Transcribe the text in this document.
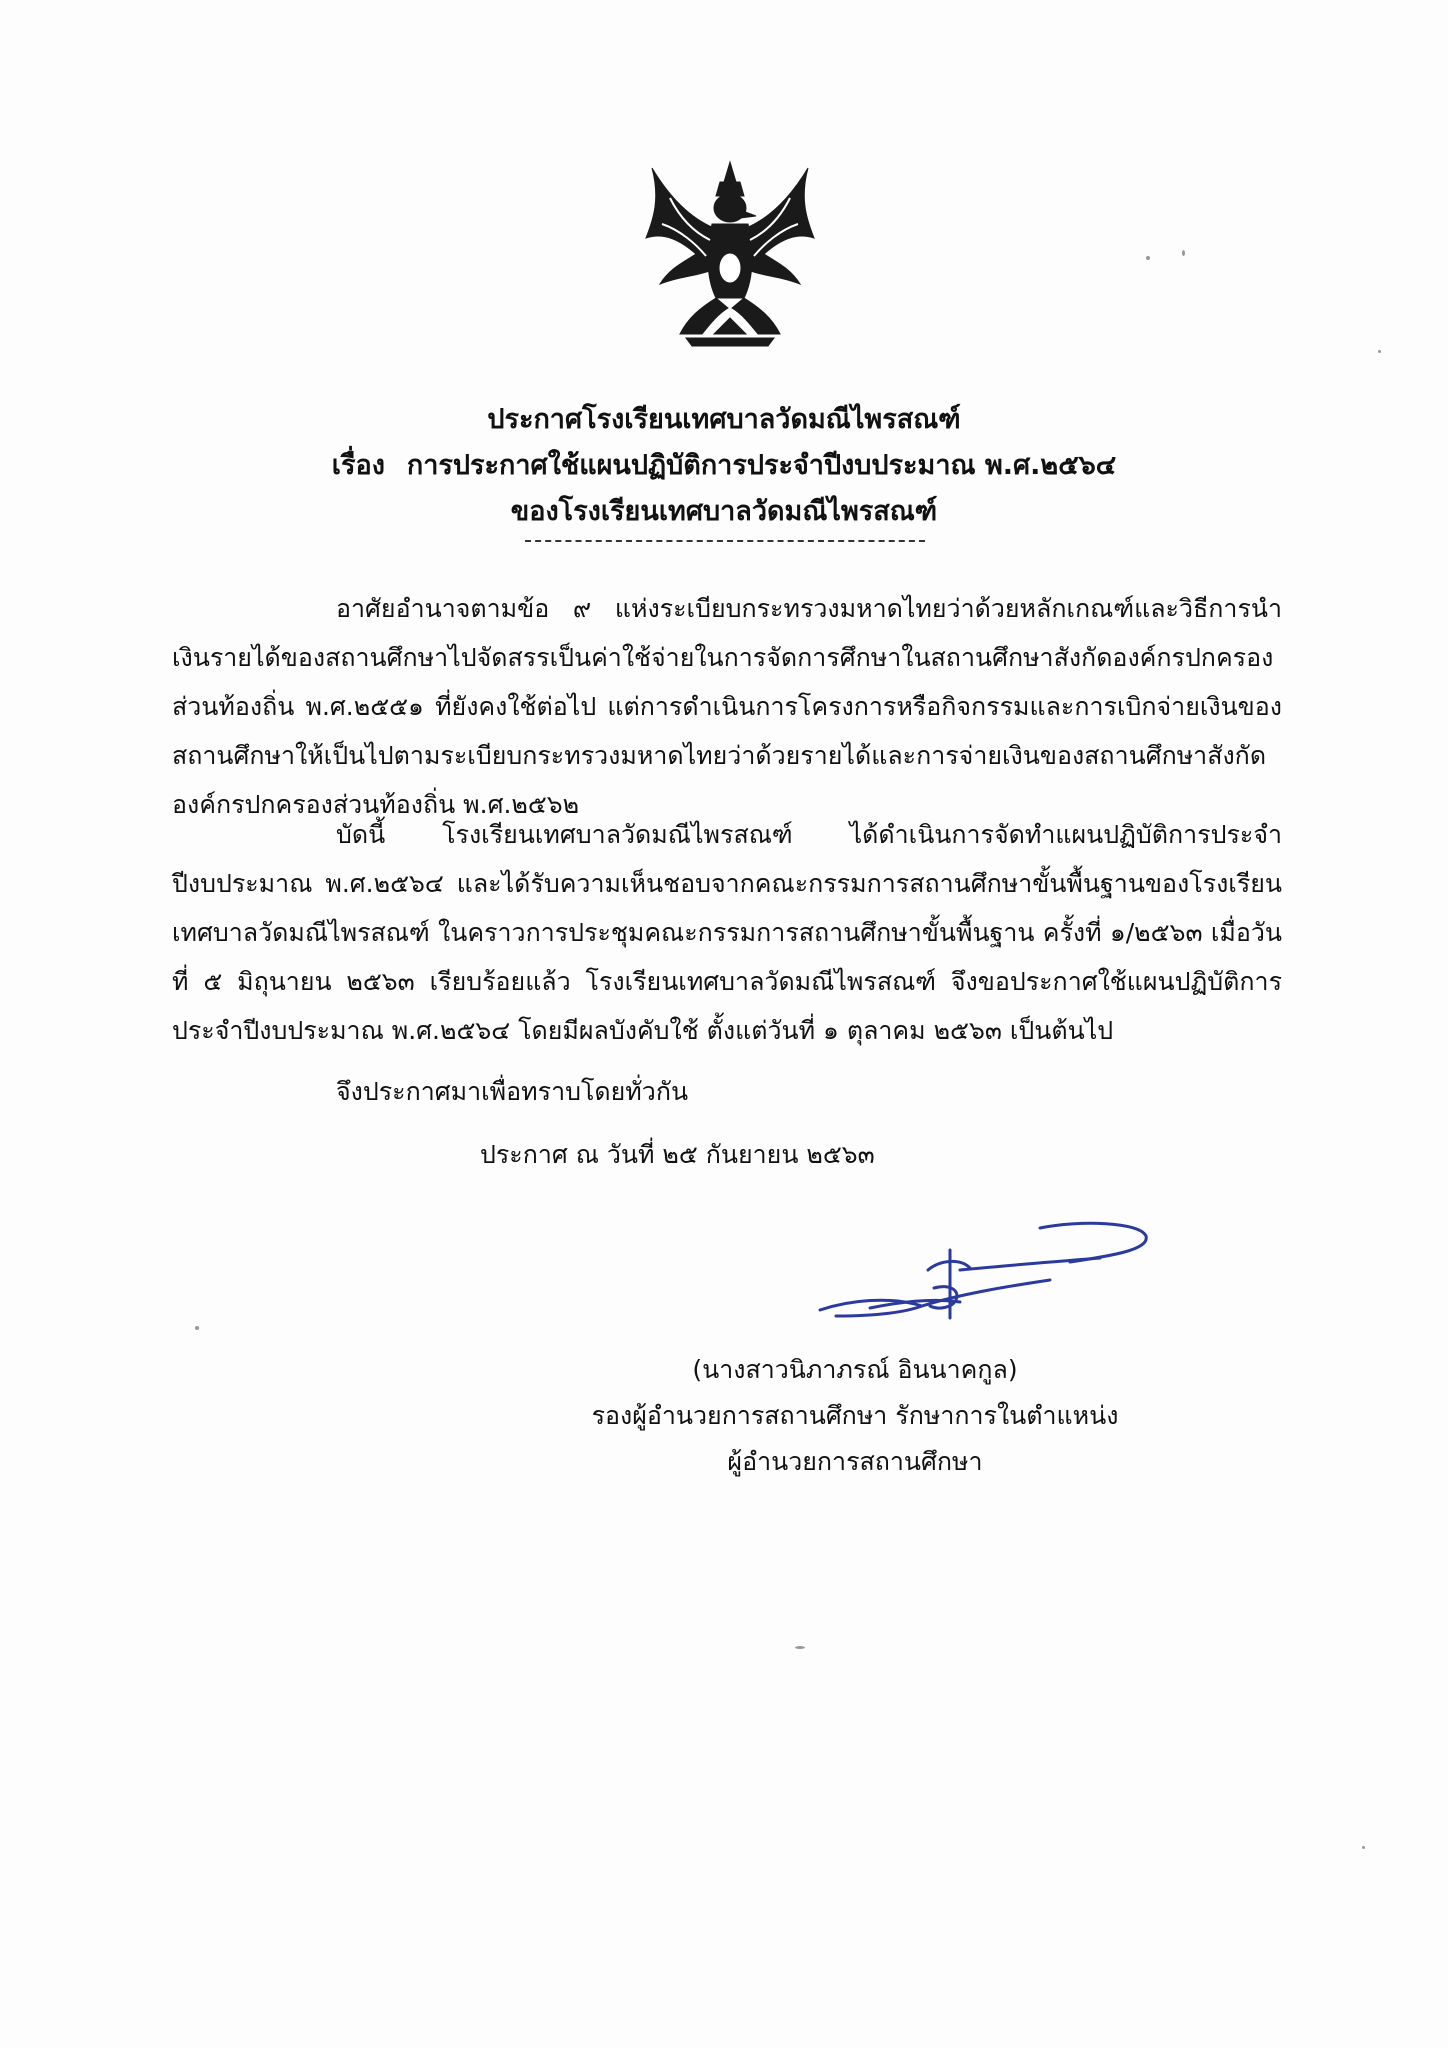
ประกาศโรงเรียนเทศบาลวัดมณีไพรสณฑ์
เรื่อง การประกาศใช้แผนปฏิบัติการประจำปีงบประมาณ พ.ศ.๒๕๖๔
ของโรงเรียนเทศบาลวัดมณีไพรสณฑ์

อาศัยอำนาจตามข้อ ๙ แห่งระเบียบกระทรวงมหาดไทยว่าด้วยหลักเกณฑ์และวิธีการนำเงินรายได้ของสถานศึกษาไปจัดสรรเป็นค่าใช้จ่ายในการจัดการศึกษาในสถานศึกษาสังกัดองค์กรปกครองส่วนท้องถิ่น พ.ศ.๒๕๕๑ ที่ยังคงใช้ต่อไป แต่การดำเนินการโครงการหรือกิจกรรมและการเบิกจ่ายเงินของสถานศึกษาให้เป็นไปตามระเบียบกระทรวงมหาดไทยว่าด้วยรายได้และการจ่ายเงินของสถานศึกษาสังกัดองค์กรปกครองส่วนท้องถิ่น พ.ศ.๒๕๖๒

บัดนี้ โรงเรียนเทศบาลวัดมณีไพรสณฑ์ ได้ดำเนินการจัดทำแผนปฏิบัติการประจำปีงบประมาณ พ.ศ.๒๕๖๔ และได้รับความเห็นชอบจากคณะกรรมการสถานศึกษาขั้นพื้นฐานของโรงเรียนเทศบาลวัดมณีไพรสณฑ์ ในคราวการประชุมคณะกรรมการสถานศึกษาขั้นพื้นฐาน ครั้งที่ ๑/๒๕๖๓ เมื่อวันที่ ๕ มิถุนายน ๒๕๖๓ เรียบร้อยแล้ว โรงเรียนเทศบาลวัดมณีไพรสณฑ์ จึงขอประกาศใช้แผนปฏิบัติการประจำปีงบประมาณ พ.ศ.๒๕๖๔ โดยมีผลบังคับใช้ ตั้งแต่วันที่ ๑ ตุลาคม ๒๕๖๓ เป็นต้นไป

จึงประกาศมาเพื่อทราบโดยทั่วกัน
ประกาศ ณ วันที่ ๒๕ กันยายน ๒๕๖๓
(นางสาวนิภาภรณ์ อินนาคกูล)
รองผู้อำนวยการสถานศึกษา รักษาการในตำแหน่ง
ผู้อำนวยการสถานศึกษา
